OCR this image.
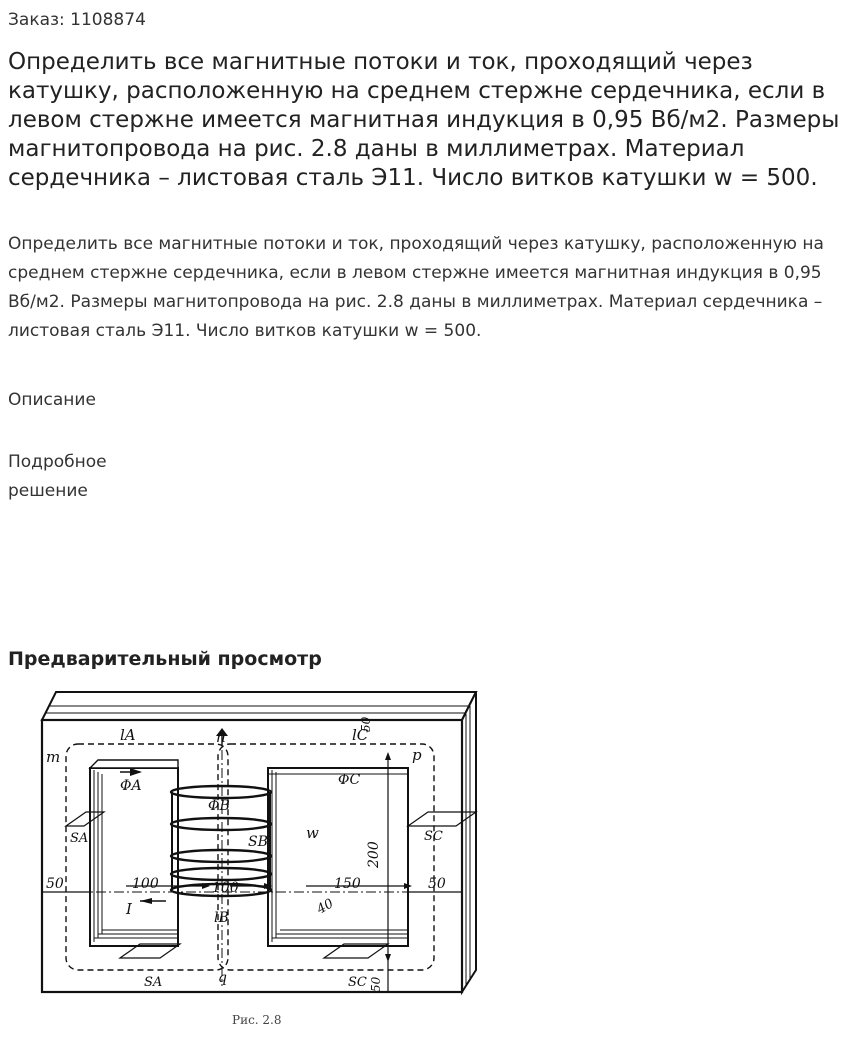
Заказ: 1108874
Определить все магнитные потоки и ток, проходящий через катушку, расположенную на среднем стержне сердечника, если в левом стержне имеется магнитная индукция в 0,95 Вб/м2. Размеры магнитопровода на рис. 2.8 даны в миллиметрах. Материал сердечника – листовая сталь Э11. Число витков катушки w = 500.

Определить все магнитные потоки и ток, проходящий через катушку, расположенную на среднем стержне сердечника, если в левом стержне имеется магнитная индукция в 0,95 Вб/м2. Размеры магнитопровода на рис. 2.8 даны в миллиметрах. Материал сердечника – листовая сталь Э11. Число витков катушки w = 500.

Описание
Подробное решение
Предварительный просмотр
lA	n	lC
50
m	p
ΦA
ΦB
ΦC
SA	SB	SC
w
50	100	100	150	50
200
40
I	lB
q
SA	SC 50
Рис. 2.8
